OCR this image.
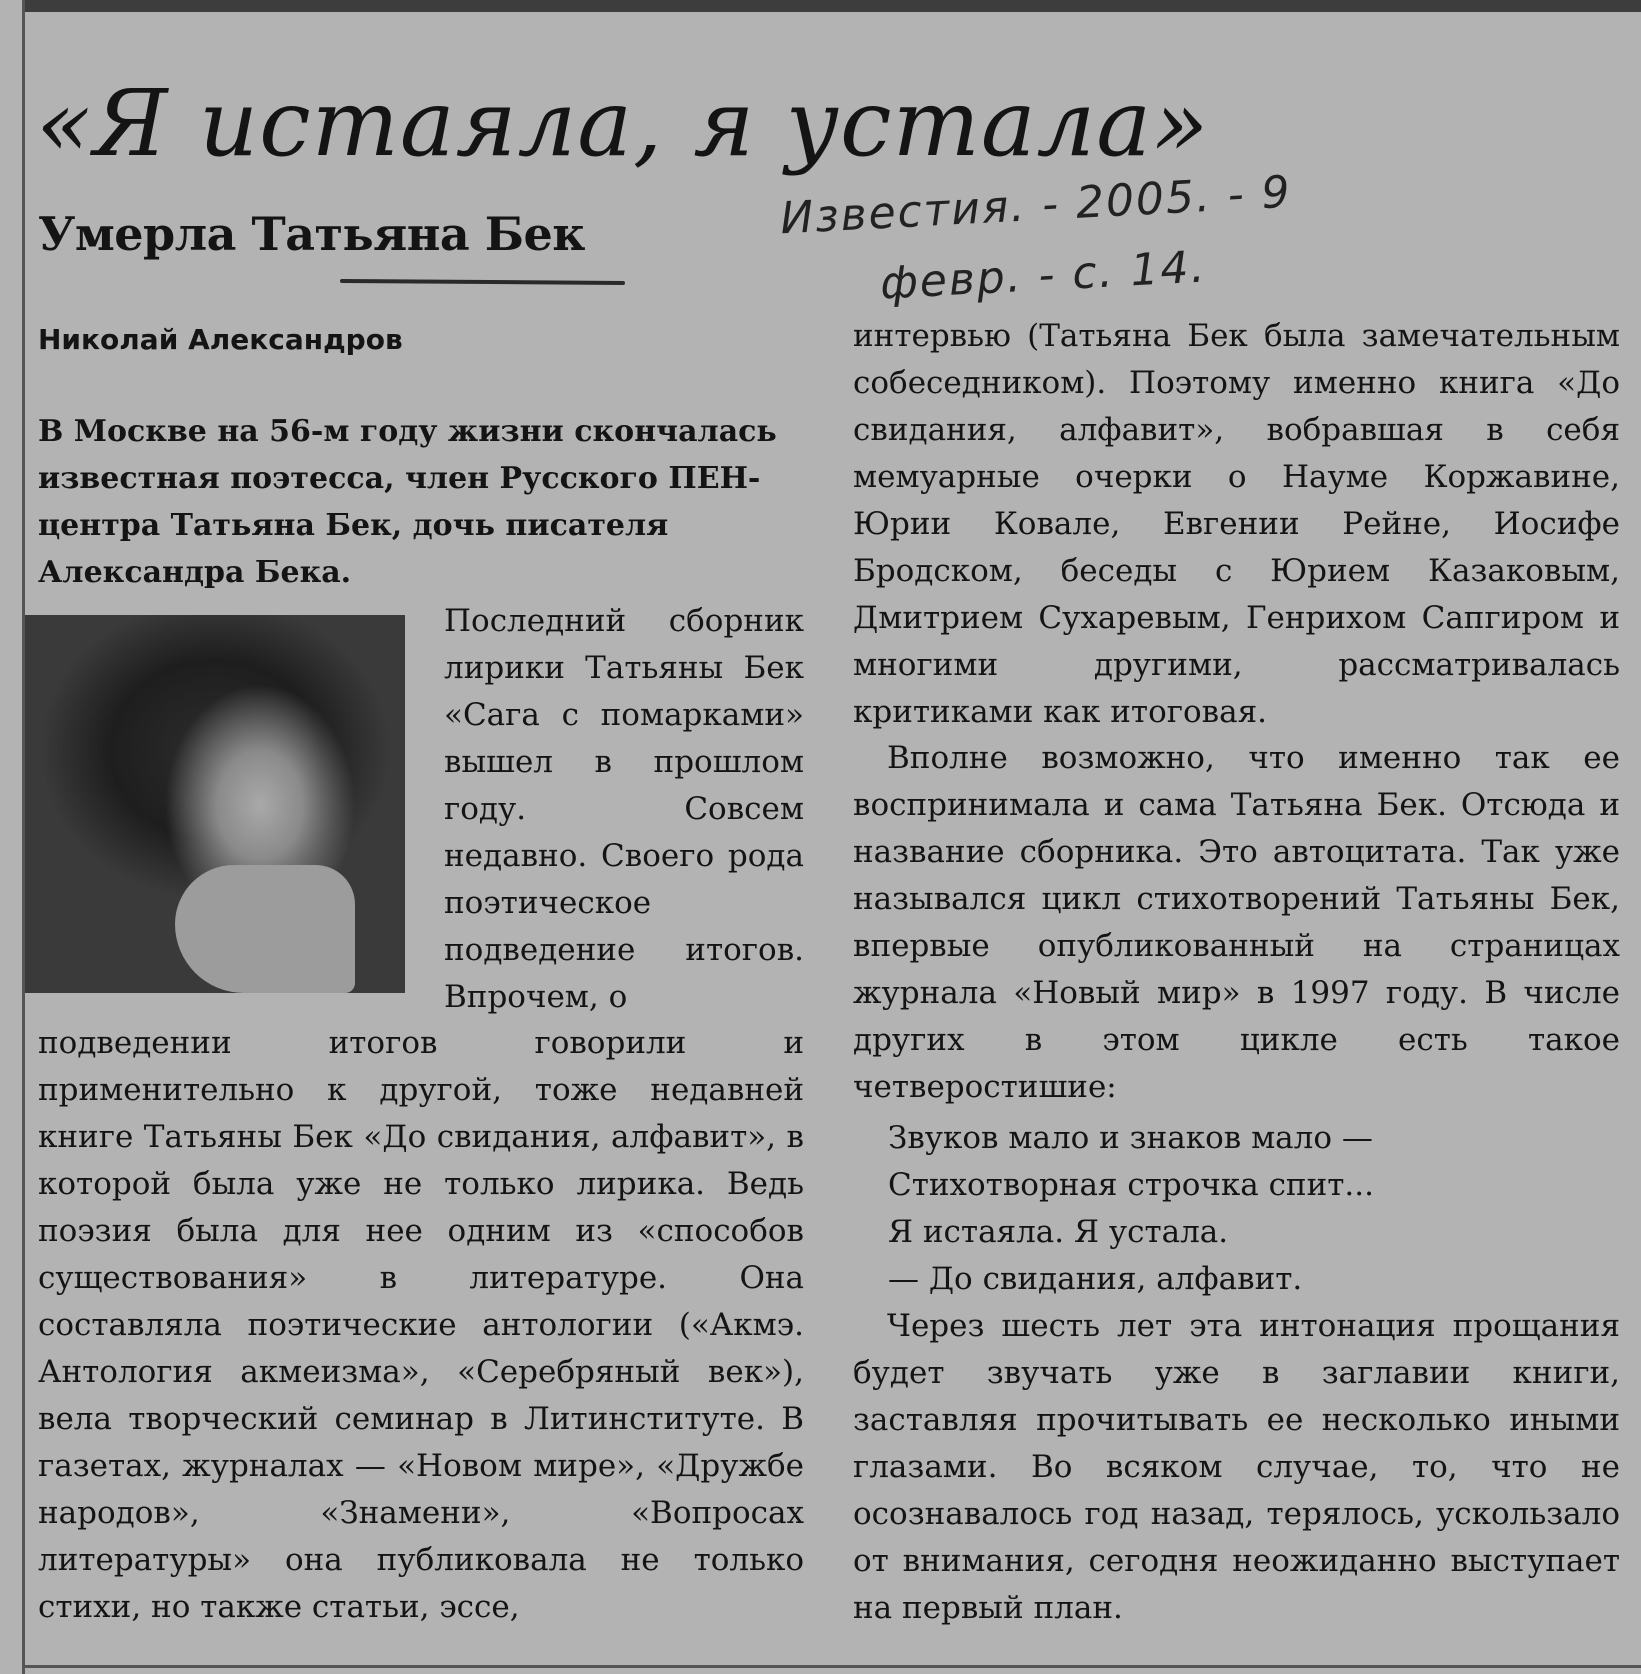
«Я истаяла, я устала»
Умерла Татьяна Бек	Известия. - 2005. - 9
февр. - с. 14.
Николай Александров

В Москве на 56-м году жизни скончалась известная поэтесса, член Русского ПЕН-центра Татьяна Бек, дочь писателя Александра Бека.

Последний сборник лирики Татьяны Бек «Сага с помарками» вышел в прошлом году. Совсем недавно. Своего рода поэтическое подведение итогов. Впрочем, о

подведении итогов говорили и применительно к другой, тоже недавней книге Татьяны Бек «До свидания, алфавит», в которой была уже не только лирика. Ведь поэзия была для нее одним из «способов существования» в литературе. Она составляла поэтические антологии («Акмэ. Антология акмеизма», «Серебряный век»), вела творческий семинар в Литинституте. В газетах, журналах — «Новом мире», «Дружбе народов», «Знамени», «Вопросах литературы» она публиковала не только стихи, но также статьи, эссе,

интервью (Татьяна Бек была замечательным собеседником). Поэтому именно книга «До свидания, алфавит», вобравшая в себя мемуарные очерки о Науме Коржавине, Юрии Ковале, Евгении Рейне, Иосифе Бродском, беседы с Юрием Казаковым, Дмитрием Сухаревым, Генрихом Сапгиром и многими другими, рассматривалась критиками как итоговая.

Вполне возможно, что именно так ее воспринимала и сама Татьяна Бек. Отсюда и название сборника. Это автоцитата. Так уже назывался цикл стихотворений Татьяны Бек, впервые опубликованный на страницах журнала «Новый мир» в 1997 году. В числе других в этом цикле есть такое четверостишие:

Звуков мало и знаков мало —
Стихотворная строчка спит...
Я истаяла. Я устала.
— До свидания, алфавит.

Через шесть лет эта интонация прощания будет звучать уже в заглавии книги, заставляя прочитывать ее несколько иными глазами. Во всяком случае, то, что не осознавалось год назад, терялось, ускользало от внимания, сегодня неожиданно выступает на первый план.
